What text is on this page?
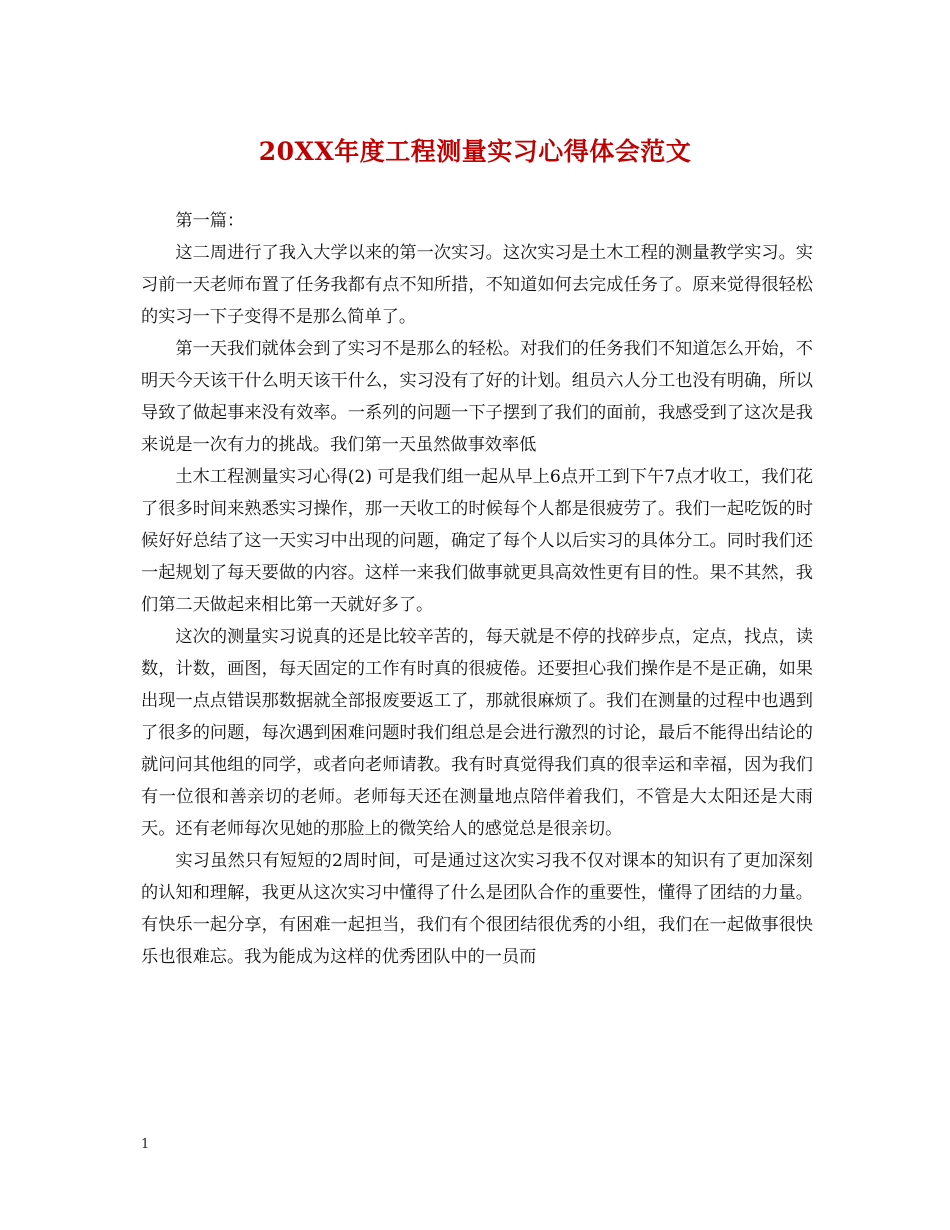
20XX年度工程测量实习心得体会范文

第一篇：

这二周进行了我入大学以来的第一次实习。这次实习是土木工程的测量教学实习。实习前一天老师布置了任务我都有点不知所措，不知道如何去完成任务了。原来觉得很轻松的实习一下子变得不是那么简单了。

第一天我们就体会到了实习不是那么的轻松。对我们的任务我们不知道怎么开始，不明天今天该干什么明天该干什么，实习没有了好的计划。组员六人分工也没有明确，所以导致了做起事来没有效率。一系列的问题一下子摆到了我们的面前，我感受到了这次是我来说是一次有力的挑战。我们第一天虽然做事效率低

土木工程测量实习心得(2) 可是我们组一起从早上6点开工到下午7点才收工，我们花了很多时间来熟悉实习操作，那一天收工的时候每个人都是很疲劳了。我们一起吃饭的时候好好总结了这一天实习中出现的问题，确定了每个人以后实习的具体分工。同时我们还一起规划了每天要做的内容。这样一来我们做事就更具高效性更有目的性。果不其然，我们第二天做起来相比第一天就好多了。

这次的测量实习说真的还是比较辛苦的，每天就是不停的找碎步点，定点，找点，读数，计数，画图，每天固定的工作有时真的很疲倦。还要担心我们操作是不是正确，如果出现一点点错误那数据就全部报废要返工了，那就很麻烦了。我们在测量的过程中也遇到了很多的问题，每次遇到困难问题时我们组总是会进行激烈的讨论，最后不能得出结论的就问问其他组的同学，或者向老师请教。我有时真觉得我们真的很幸运和幸福，因为我们有一位很和善亲切的老师。老师每天还在测量地点陪伴着我们，不管是大太阳还是大雨天。还有老师每次见她的那脸上的微笑给人的感觉总是很亲切。

实习虽然只有短短的2周时间，可是通过这次实习我不仅对课本的知识有了更加深刻的认知和理解，我更从这次实习中懂得了什么是团队合作的重要性，懂得了团结的力量。有快乐一起分享，有困难一起担当，我们有个很团结很优秀的小组，我们在一起做事很快乐也很难忘。我为能成为这样的优秀团队中的一员而

1
